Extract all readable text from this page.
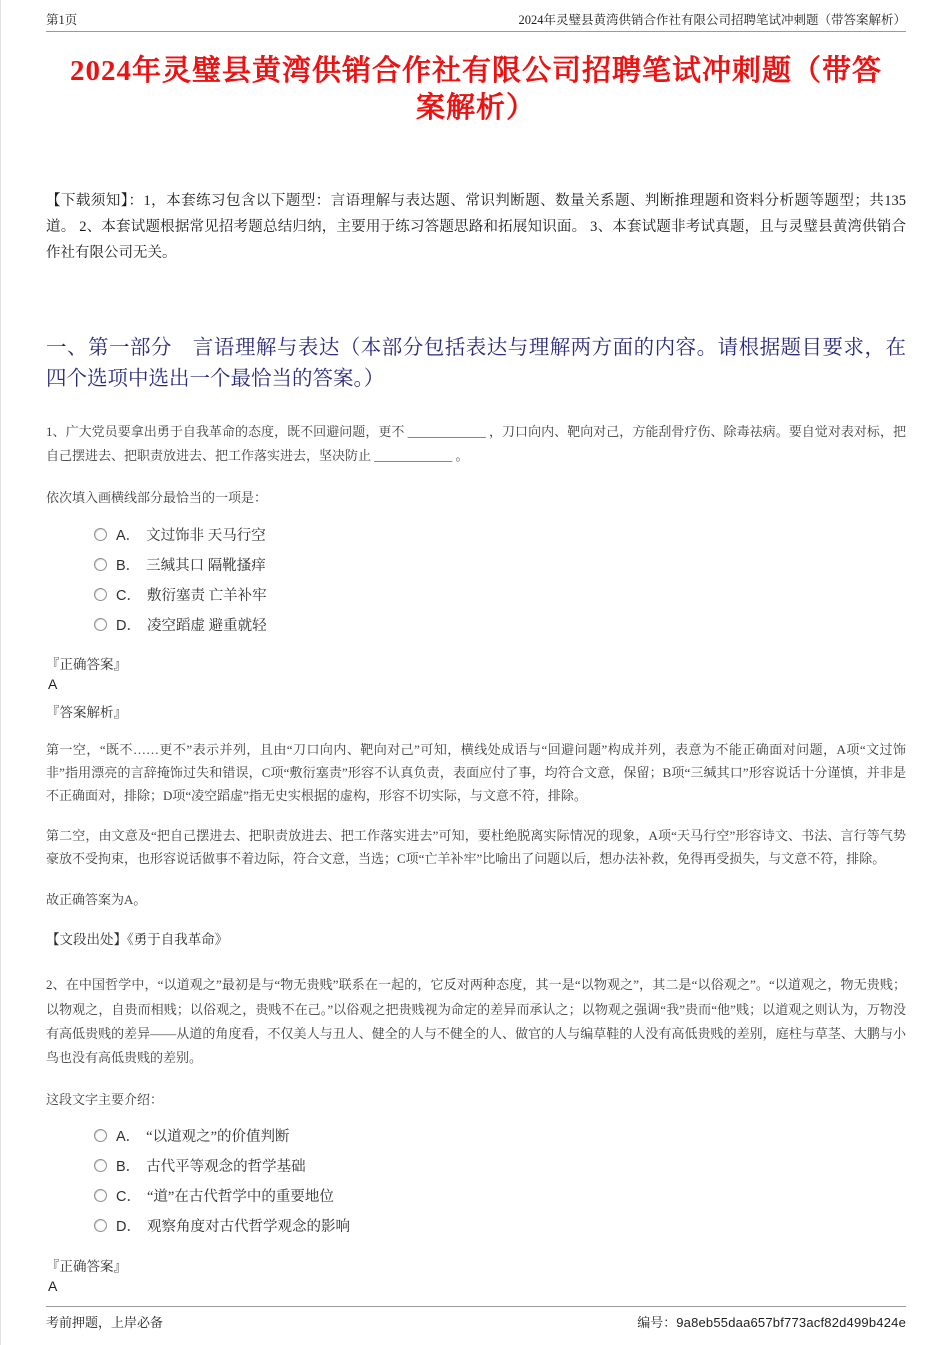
第1页	2024年灵璧县黄湾供销合作社有限公司招聘笔试冲刺题（带答案解析）
2024年灵璧县黄湾供销合作社有限公司招聘笔试冲刺题（带答案解析）

【下载须知】：1，本套练习包含以下题型：言语理解与表达题、常识判断题、数量关系题、判断推理题和资料分析题等题型；共135道。 2、本套试题根据常见招考题总结归纳，主要用于练习答题思路和拓展知识面。 3、本套试题非考试真题，且与灵璧县黄湾供销合作社有限公司无关。

一、第一部分　言语理解与表达（本部分包括表达与理解两方面的内容。请根据题目要求，在四个选项中选出一个最恰当的答案。）

1、广大党员要拿出勇于自我革命的态度，既不回避问题，更不 ____________ ，刀口向内、靶向对己，方能刮骨疗伤、除毒祛病。要自觉对表对标，把自己摆进去、把职责放进去、把工作落实进去，坚决防止 ____________ 。

依次填入画横线部分最恰当的一项是：

A． 文过饰非 天马行空
B． 三缄其口 隔靴搔痒
C． 敷衍塞责 亡羊补牢
D． 凌空蹈虚 避重就轻
『正确答案』
A
『答案解析』

第一空，“既不……更不”表示并列，且由“刀口向内、靶向对己”可知，横线处成语与“回避问题”构成并列，表意为不能正确面对问题，A项“文过饰非”指用漂亮的言辞掩饰过失和错误，C项“敷衍塞责”形容不认真负责，表面应付了事，均符合文意，保留；B项“三缄其口”形容说话十分谨慎，并非是不正确面对，排除；D项“凌空蹈虚”指无史实根据的虚构，形容不切实际，与文意不符，排除。

第二空，由文意及“把自己摆进去、把职责放进去、把工作落实进去”可知，要杜绝脱离实际情况的现象，A项“天马行空”形容诗文、书法、言行等气势豪放不受拘束，也形容说话做事不着边际，符合文意，当选；C项“亡羊补牢”比喻出了问题以后，想办法补救，免得再受损失，与文意不符，排除。

故正确答案为A。

【文段出处】《勇于自我革命》

2、在中国哲学中，“以道观之”最初是与“物无贵贱”联系在一起的，它反对两种态度，其一是“以物观之”，其二是“以俗观之”。“以道观之，物无贵贱；以物观之，自贵而相贱；以俗观之，贵贱不在己。”以俗观之把贵贱视为命定的差异而承认之；以物观之强调“我”贵而“他”贱；以道观之则认为，万物没有高低贵贱的差异——从道的角度看，不仅美人与丑人、健全的人与不健全的人、做官的人与编草鞋的人没有高低贵贱的差别，庭柱与草茎、大鹏与小鸟也没有高低贵贱的差别。

这段文字主要介绍：

A． “以道观之”的价值判断
B． 古代平等观念的哲学基础
C． “道”在古代哲学中的重要地位
D． 观察角度对古代哲学观念的影响
『正确答案』
A
考前押题，上岸必备	编号：9a8eb55daa657bf773acf82d499b424e
